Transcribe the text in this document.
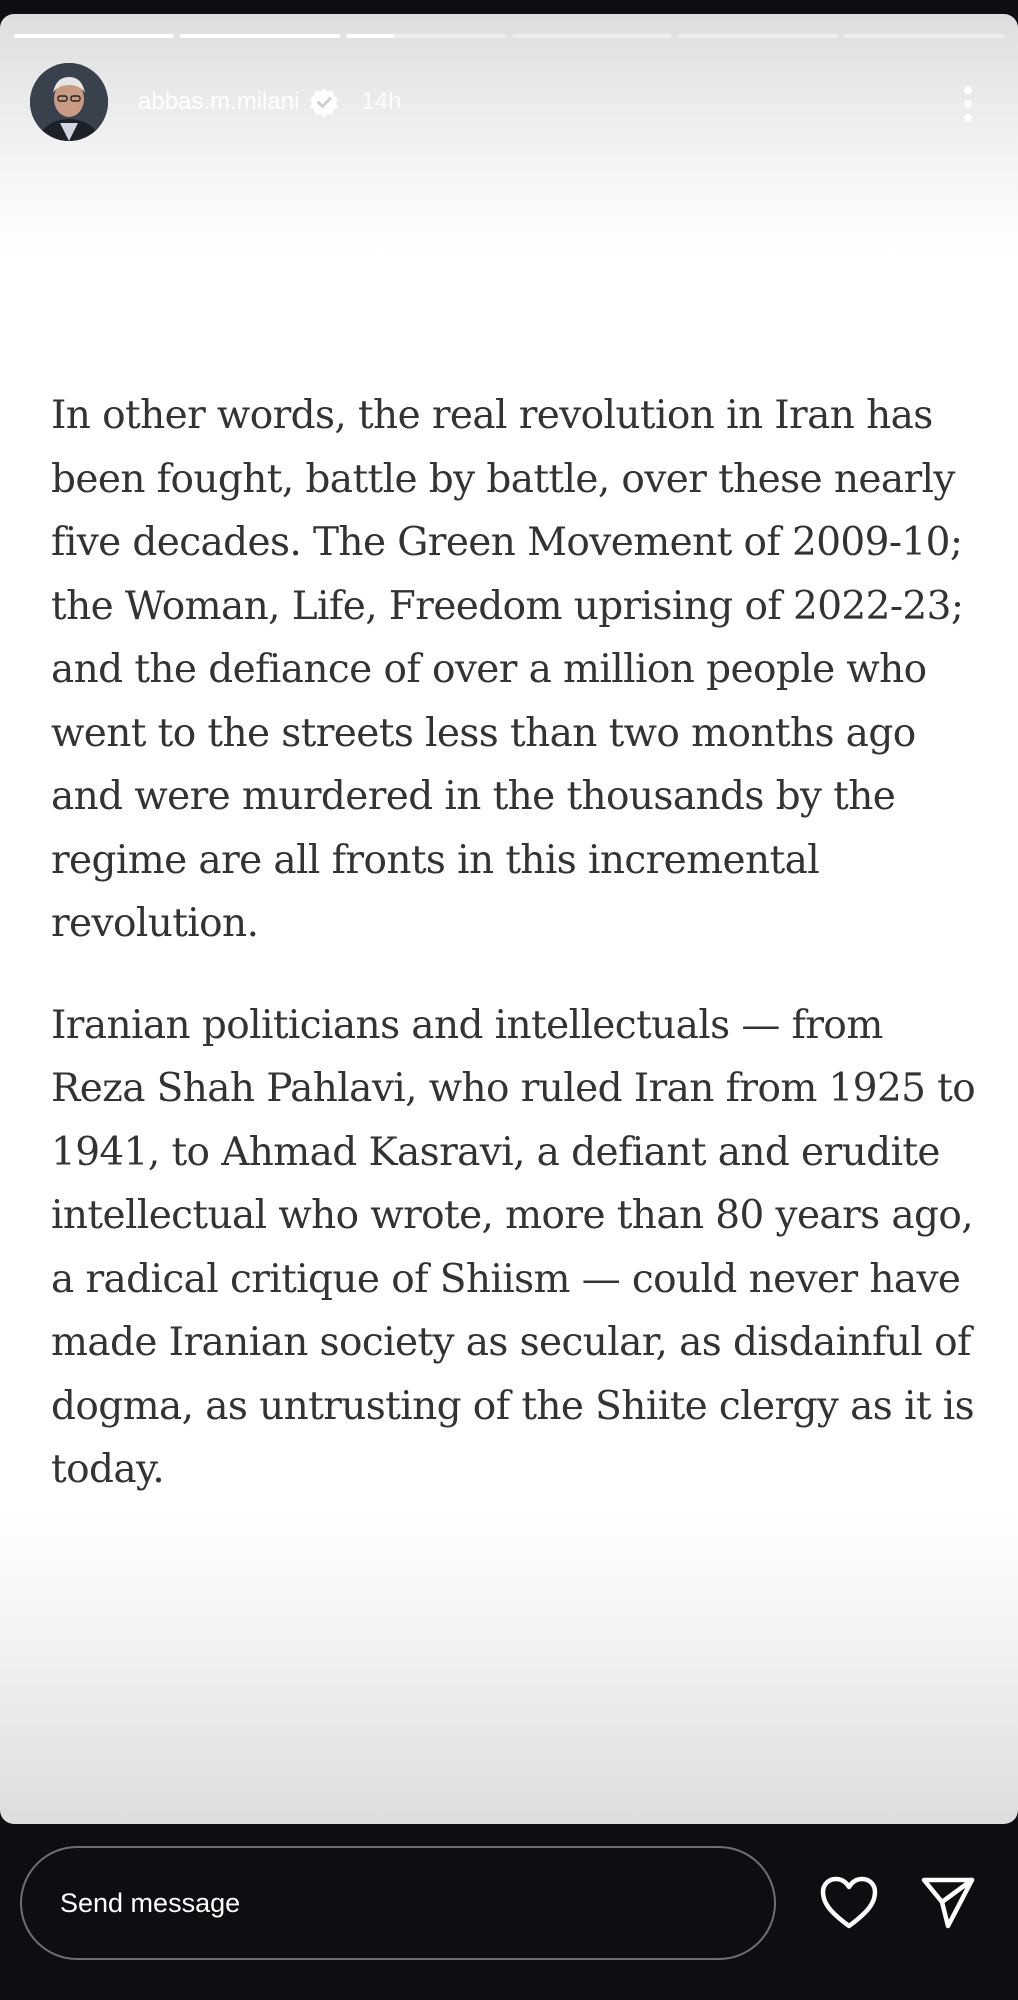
abbas.m.milani	14h

In other words, the real revolution in Iran has been fought, battle by battle, over these nearly five decades. The Green Movement of 2009-10; the Woman, Life, Freedom uprising of 2022-23; and the defiance of over a million people who went to the streets less than two months ago and were murdered in the thousands by the regime are all fronts in this incremental revolution.

Iranian politicians and intellectuals — from Reza Shah Pahlavi, who ruled Iran from 1925 to 1941, to Ahmad Kasravi, a defiant and erudite intellectual who wrote, more than 80 years ago, a radical critique of Shiism — could never have made Iranian society as secular, as disdainful of dogma, as untrusting of the Shiite clergy as it is today.

Send message
